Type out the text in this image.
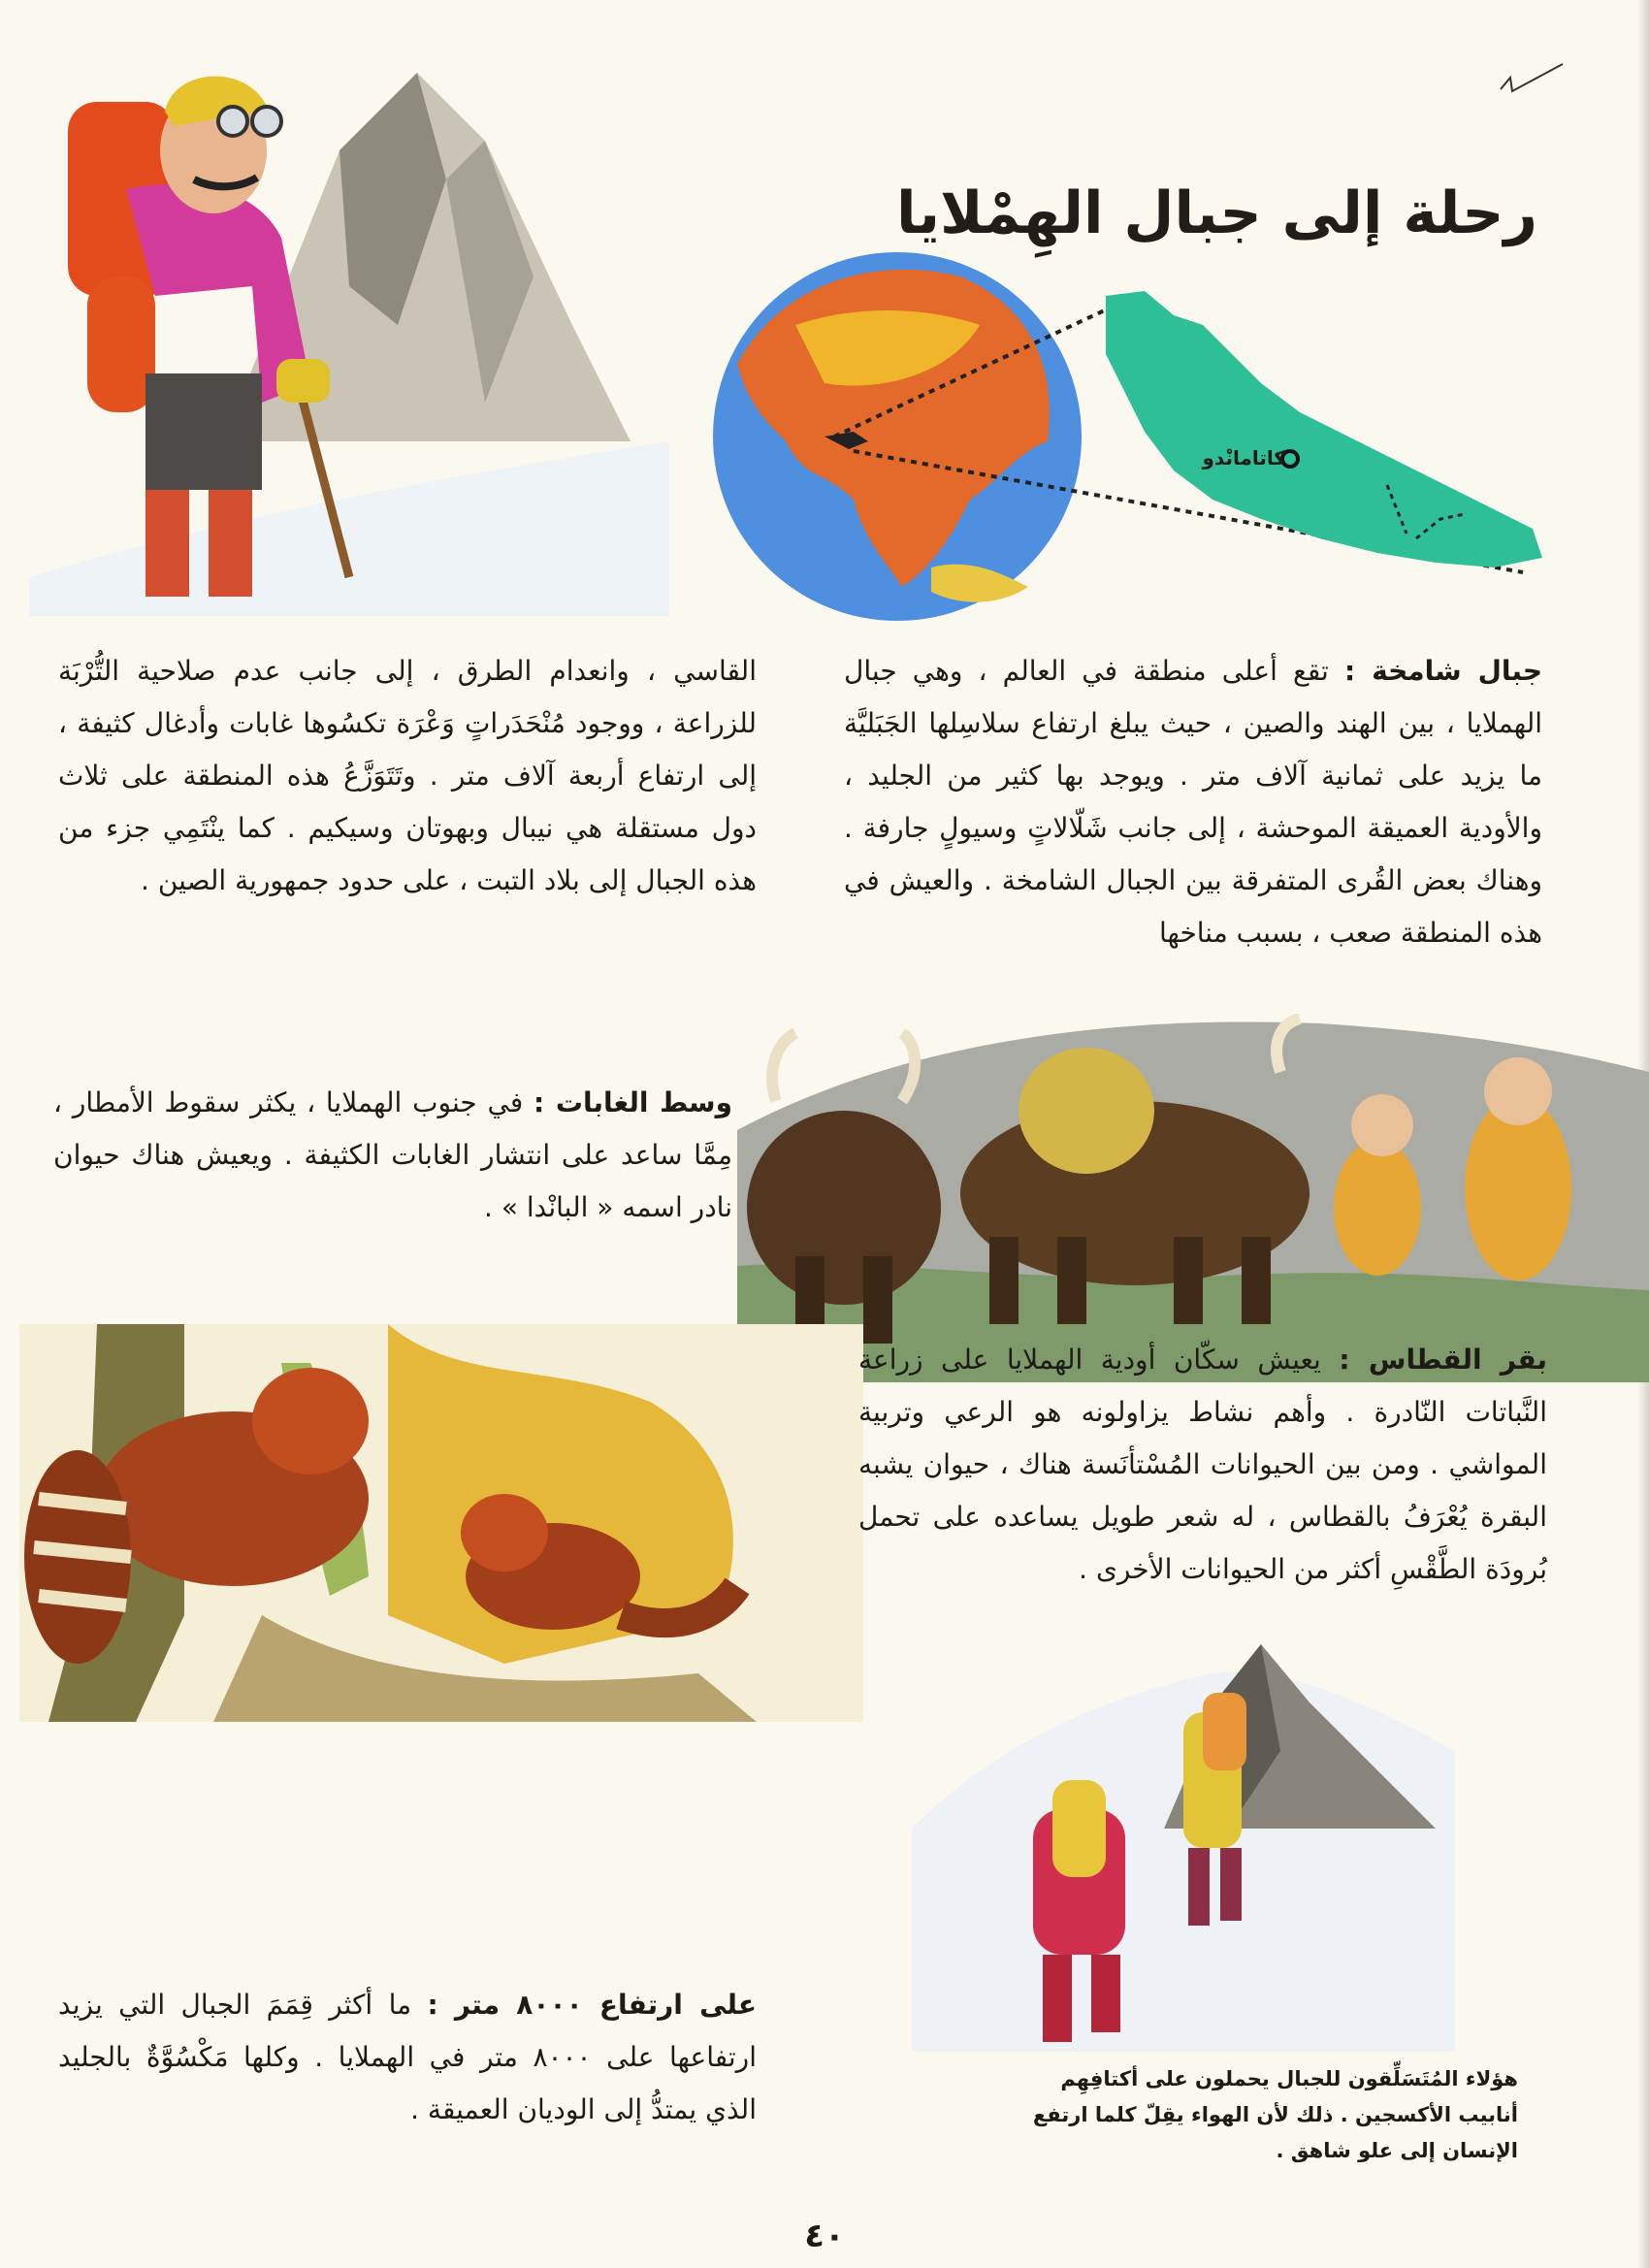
رحلة إلى جبال الهِمْلايا
كاتامانْدو
جبال شامخة : تقع أعلى منطقة في العالم ، وهي جبال الهملايا ، بين الهند والصين ، حيث يبلغ ارتفاع سلاسِلها الجَبَليَّة ما يزيد على ثمانية آلاف متر . ويوجد بها كثير من الجليد ، والأودية العميقة الموحشة ، إلى جانب شَلّالاتٍ وسيولٍ جارفة . وهناك بعض القُرى المتفرقة بين الجبال الشامخة . والعيش في هذه المنطقة صعب ، بسبب مناخها
القاسي ، وانعدام الطرق ، إلى جانب عدم صلاحية التُّرْبَة للزراعة ، ووجود مُنْحَدَراتٍ وَعْرَة تكسُوها غابات وأدغال كثيفة ، إلى ارتفاع أربعة آلاف متر . وتَتَوَزَّعُ هذه المنطقة على ثلاث دول مستقلة هي نيبال وبهوتان وسيكيم . كما ينْتَمِي جزء من هذه الجبال إلى بلاد التبت ، على حدود جمهورية الصين .
وسط الغابات : في جنوب الهملايا ، يكثر سقوط الأمطار ، مِمَّا ساعد على انتشار الغابات الكثيفة . ويعيش هناك حيوان نادر اسمه « البانْدا » .
بقر القطاس : يعيش سكّان أودية الهملايا على زراعة النَّباتات النّادرة . وأهم نشاط يزاولونه هو الرعي وتربية المواشي . ومن بين الحيوانات المُسْتأنَسة هناك ، حيوان يشبه البقرة يُعْرَفُ بالقطاس ، له شعر طويل يساعده على تحمل بُرودَة الطَّقْسِ أكثر من الحيوانات الأخرى .
على ارتفاع ٨٠٠٠ متر : ما أكثر قِمَمَ الجبال التي يزيد ارتفاعها على ٨٠٠٠ متر في الهملايا . وكلها مَكْسُوَّةٌ بالجليد الذي يمتدُّ إلى الوديان العميقة .
هؤلاء المُتَسَلِّقون للجبال يحملون على أكتافِهِم أنابيب الأكسجين . ذلك لأن الهواء يقِلّ كلما ارتفع الإنسان إلى علو شاهق .
٤٠
